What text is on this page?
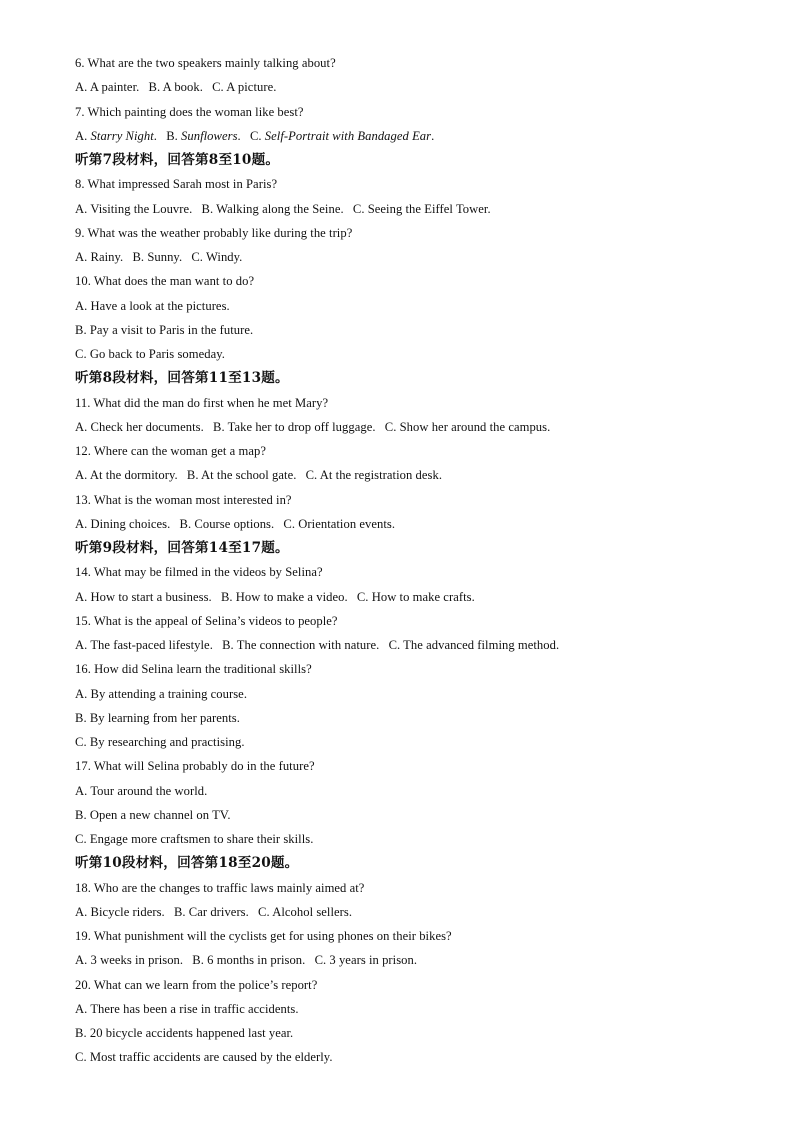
6. What are the two speakers mainly talking about?
A. A painter. B. A book. C. A picture.
7. Which painting does the woman like best?
A. Starry Night. B. Sunflowers. C. Self-Portrait with Bandaged Ear.
听第7段材料，回答第8至10题。
8. What impressed Sarah most in Paris?
A. Visiting the Louvre. B. Walking along the Seine. C. Seeing the Eiffel Tower.
9. What was the weather probably like during the trip?
A. Rainy. B. Sunny. C. Windy.
10. What does the man want to do?
A. Have a look at the pictures.
B. Pay a visit to Paris in the future.
C. Go back to Paris someday.
听第8段材料，回答第11至13题。
11. What did the man do first when he met Mary?
A. Check her documents. B. Take her to drop off luggage. C. Show her around the campus.
12. Where can the woman get a map?
A. At the dormitory. B. At the school gate. C. At the registration desk.
13. What is the woman most interested in?
A. Dining choices. B. Course options. C. Orientation events.
听第9段材料，回答第14至17题。
14. What may be filmed in the videos by Selina?
A. How to start a business. B. How to make a video. C. How to make crafts.
15. What is the appeal of Selina’s videos to people?
A. The fast-paced lifestyle. B. The connection with nature. C. The advanced filming method.
16. How did Selina learn the traditional skills?
A. By attending a training course.
B. By learning from her parents.
C. By researching and practising.
17. What will Selina probably do in the future?
A. Tour around the world.
B. Open a new channel on TV.
C. Engage more craftsmen to share their skills.
听第10段材料，回答第18至20题。
18. Who are the changes to traffic laws mainly aimed at?
A. Bicycle riders. B. Car drivers. C. Alcohol sellers.
19. What punishment will the cyclists get for using phones on their bikes?
A. 3 weeks in prison. B. 6 months in prison. C. 3 years in prison.
20. What can we learn from the police’s report?
A. There has been a rise in traffic accidents.
B. 20 bicycle accidents happened last year.
C. Most traffic accidents are caused by the elderly.
